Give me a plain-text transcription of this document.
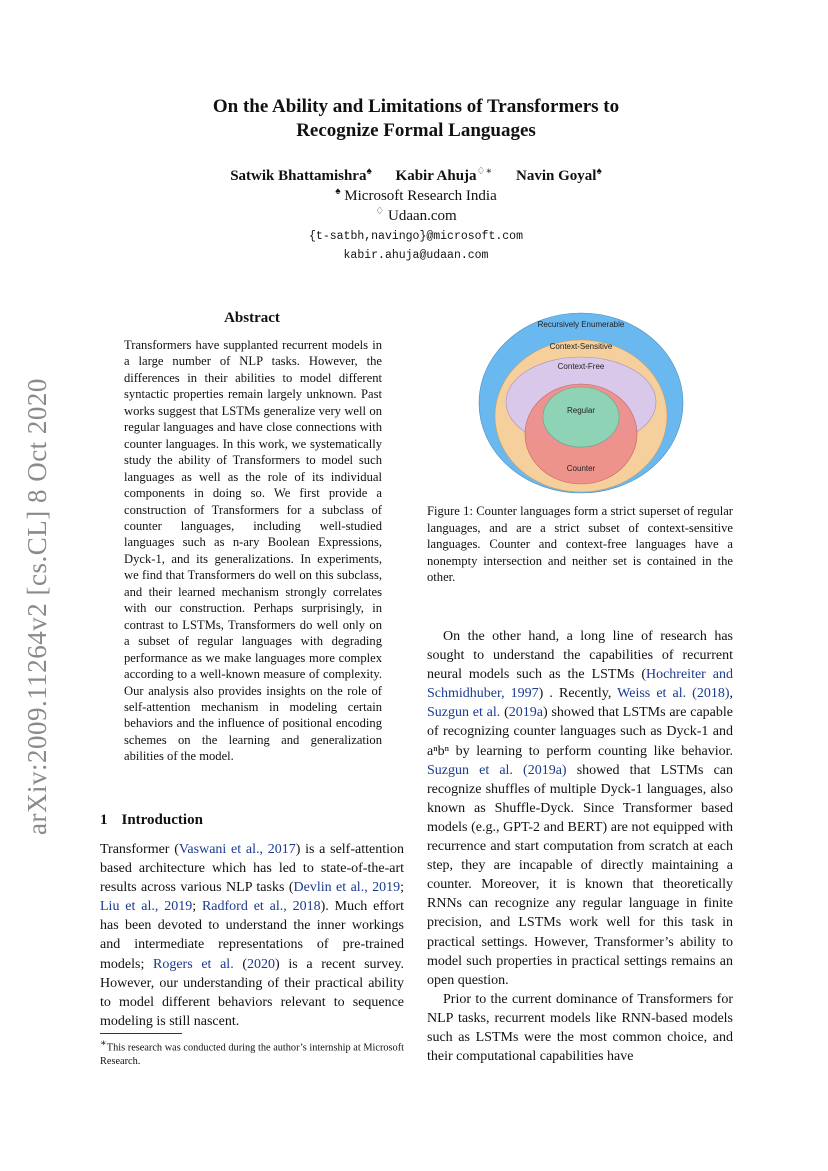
arXiv:2009.11264v2 [cs.CL] 8 Oct 2020
On the Ability and Limitations of Transformers to
Recognize Formal Languages
Satwik Bhattamishra♠ Kabir Ahuja♢∗ Navin Goyal♠
♠ Microsoft Research India
♢ Udaan.com
{t-satbh,navingo}@microsoft.com
kabir.ahuja@udaan.com
Abstract
Transformers have supplanted recurrent models in a large number of NLP tasks. However, the differences in their abilities to model different syntactic properties remain largely unknown. Past works suggest that LSTMs generalize very well on regular languages and have close connections with counter languages. In this work, we systematically study the ability of Transformers to model such languages as well as the role of its individual components in doing so. We first provide a construction of Transformers for a subclass of counter languages, including well-studied languages such as n-ary Boolean Expressions, Dyck-1, and its generalizations. In experiments, we find that Transformers do well on this subclass, and their learned mechanism strongly correlates with our construction. Perhaps surprisingly, in contrast to LSTMs, Transformers do well only on a subset of regular languages with degrading performance as we make languages more complex according to a well-known measure of complexity. Our analysis also provides insights on the role of self-attention mechanism in modeling certain behaviors and the influence of positional encoding schemes on the learning and generalization abilities of the model.
1 Introduction

Transformer (Vaswani et al., 2017) is a self-attention based architecture which has led to state-of-the-art results across various NLP tasks (Devlin et al., 2019; Liu et al., 2019; Radford et al., 2018). Much effort has been devoted to understand the inner workings and intermediate representations of pre-trained models; Rogers et al. (2020) is a recent survey. However, our understanding of their practical ability to model different behaviors relevant to sequence modeling is still nascent.

∗This research was conducted during the author’s internship at Microsoft Research.
Recursively Enumerable
Context-Sensitive
Context-Free
Regular
Counter
Figure 1: Counter languages form a strict superset of regular languages, and are a strict subset of context-sensitive languages. Counter and context-free languages have a nonempty intersection and neither set is contained in the other.

On the other hand, a long line of research has sought to understand the capabilities of recurrent neural models such as the LSTMs (Hochreiter and Schmidhuber, 1997) . Recently, Weiss et al. (2018), Suzgun et al. (2019a) showed that LSTMs are capable of recognizing counter languages such as Dyck-1 and aⁿbⁿ by learning to perform counting like behavior. Suzgun et al. (2019a) showed that LSTMs can recognize shuffles of multiple Dyck-1 languages, also known as Shuffle-Dyck. Since Transformer based models (e.g., GPT-2 and BERT) are not equipped with recurrence and start computation from scratch at each step, they are incapable of directly maintaining a counter. Moreover, it is known that theoretically RNNs can recognize any regular language in finite precision, and LSTMs work well for this task in practical settings. However, Transformer’s ability to model such properties in practical settings remains an open question.

Prior to the current dominance of Transformers for NLP tasks, recurrent models like RNN-based models such as LSTMs were the most common choice, and their computational capabilities have
